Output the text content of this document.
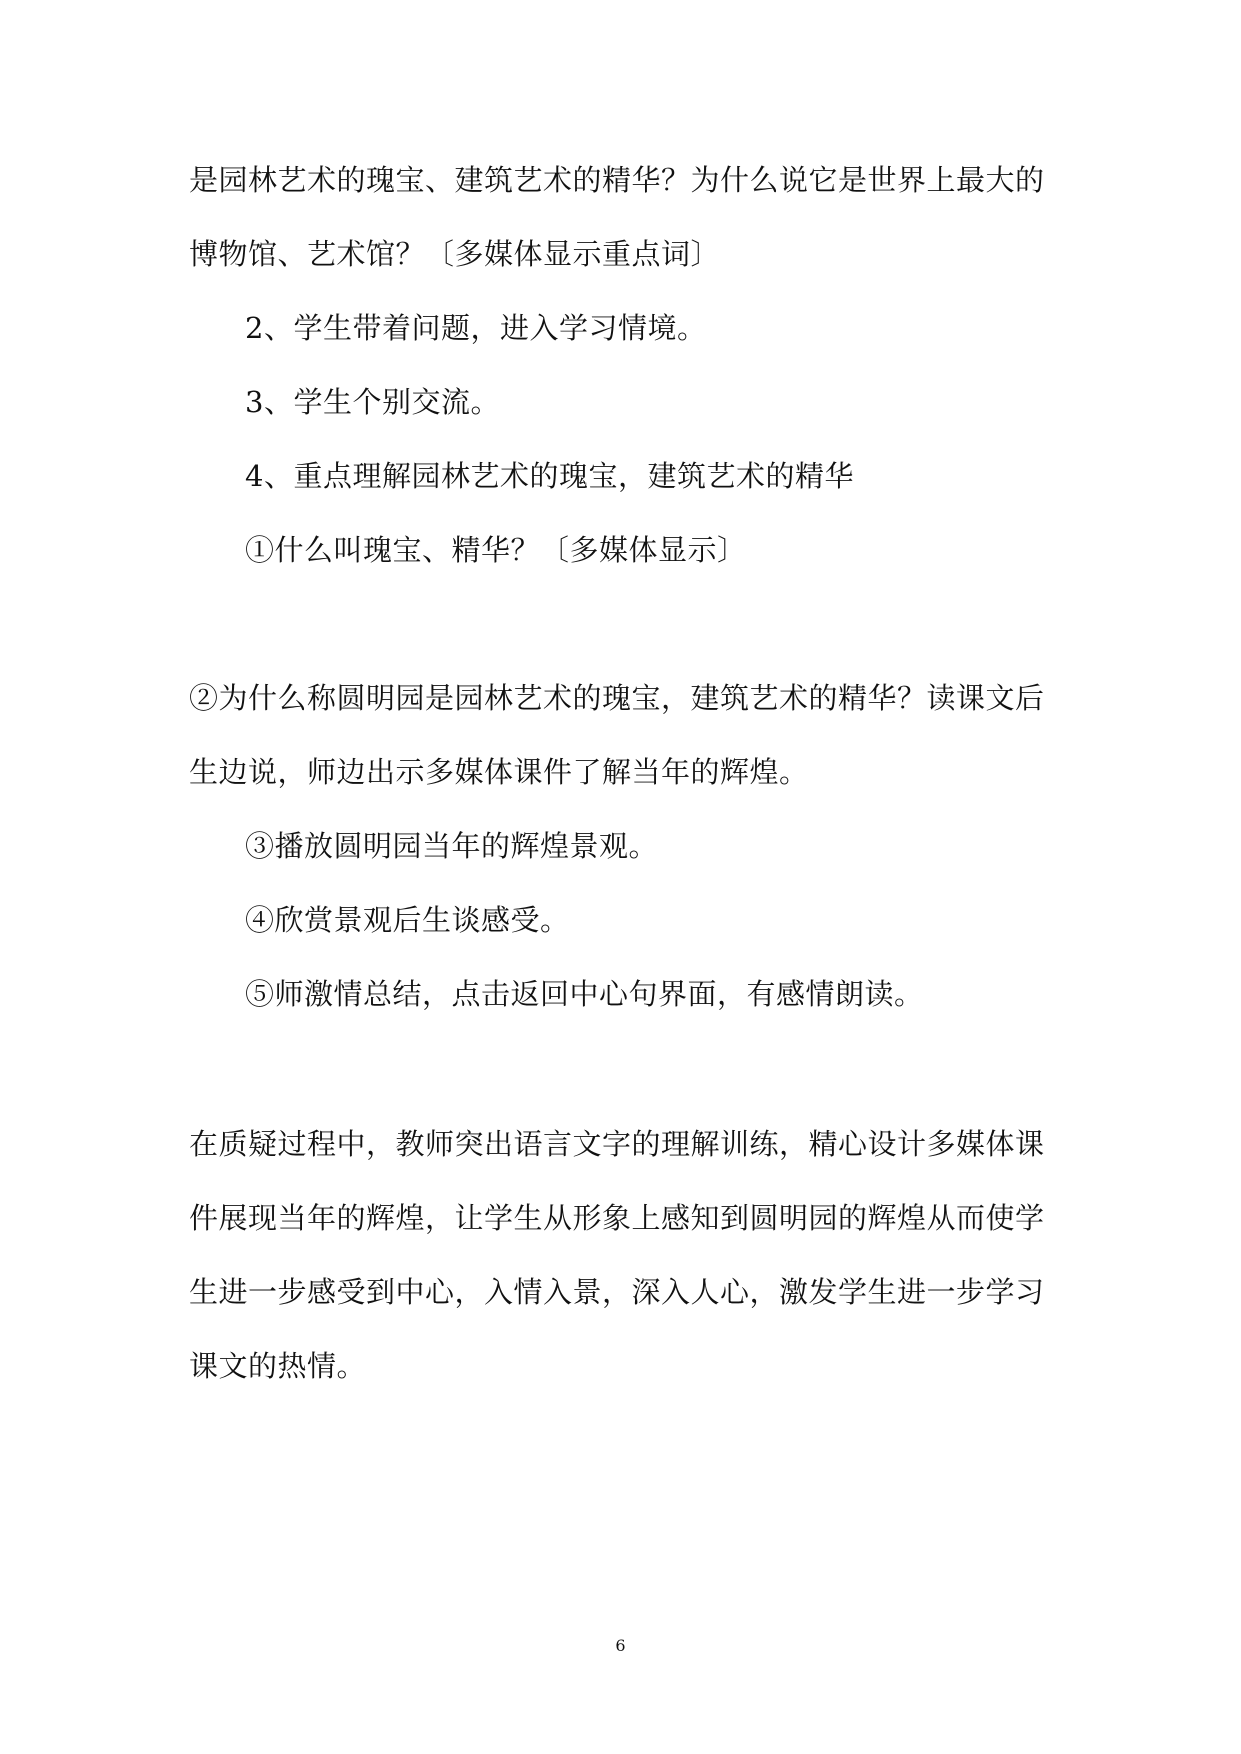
是园林艺术的瑰宝、建筑艺术的精华？为什么说它是世界上最大的
博物馆、艺术馆？〔多媒体显示重点词〕
2、学生带着问题，进入学习情境。
3、学生个别交流。
4、重点理解园林艺术的瑰宝，建筑艺术的精华
①什么叫瑰宝、精华？〔多媒体显示〕
②为什么称圆明园是园林艺术的瑰宝，建筑艺术的精华？读课文后
生边说，师边出示多媒体课件了解当年的辉煌。
③播放圆明园当年的辉煌景观。
④欣赏景观后生谈感受。
⑤师激情总结，点击返回中心句界面，有感情朗读。
在质疑过程中，教师突出语言文字的理解训练，精心设计多媒体课
件展现当年的辉煌，让学生从形象上感知到圆明园的辉煌从而使学
生进一步感受到中心，入情入景，深入人心，激发学生进一步学习
课文的热情。
6
